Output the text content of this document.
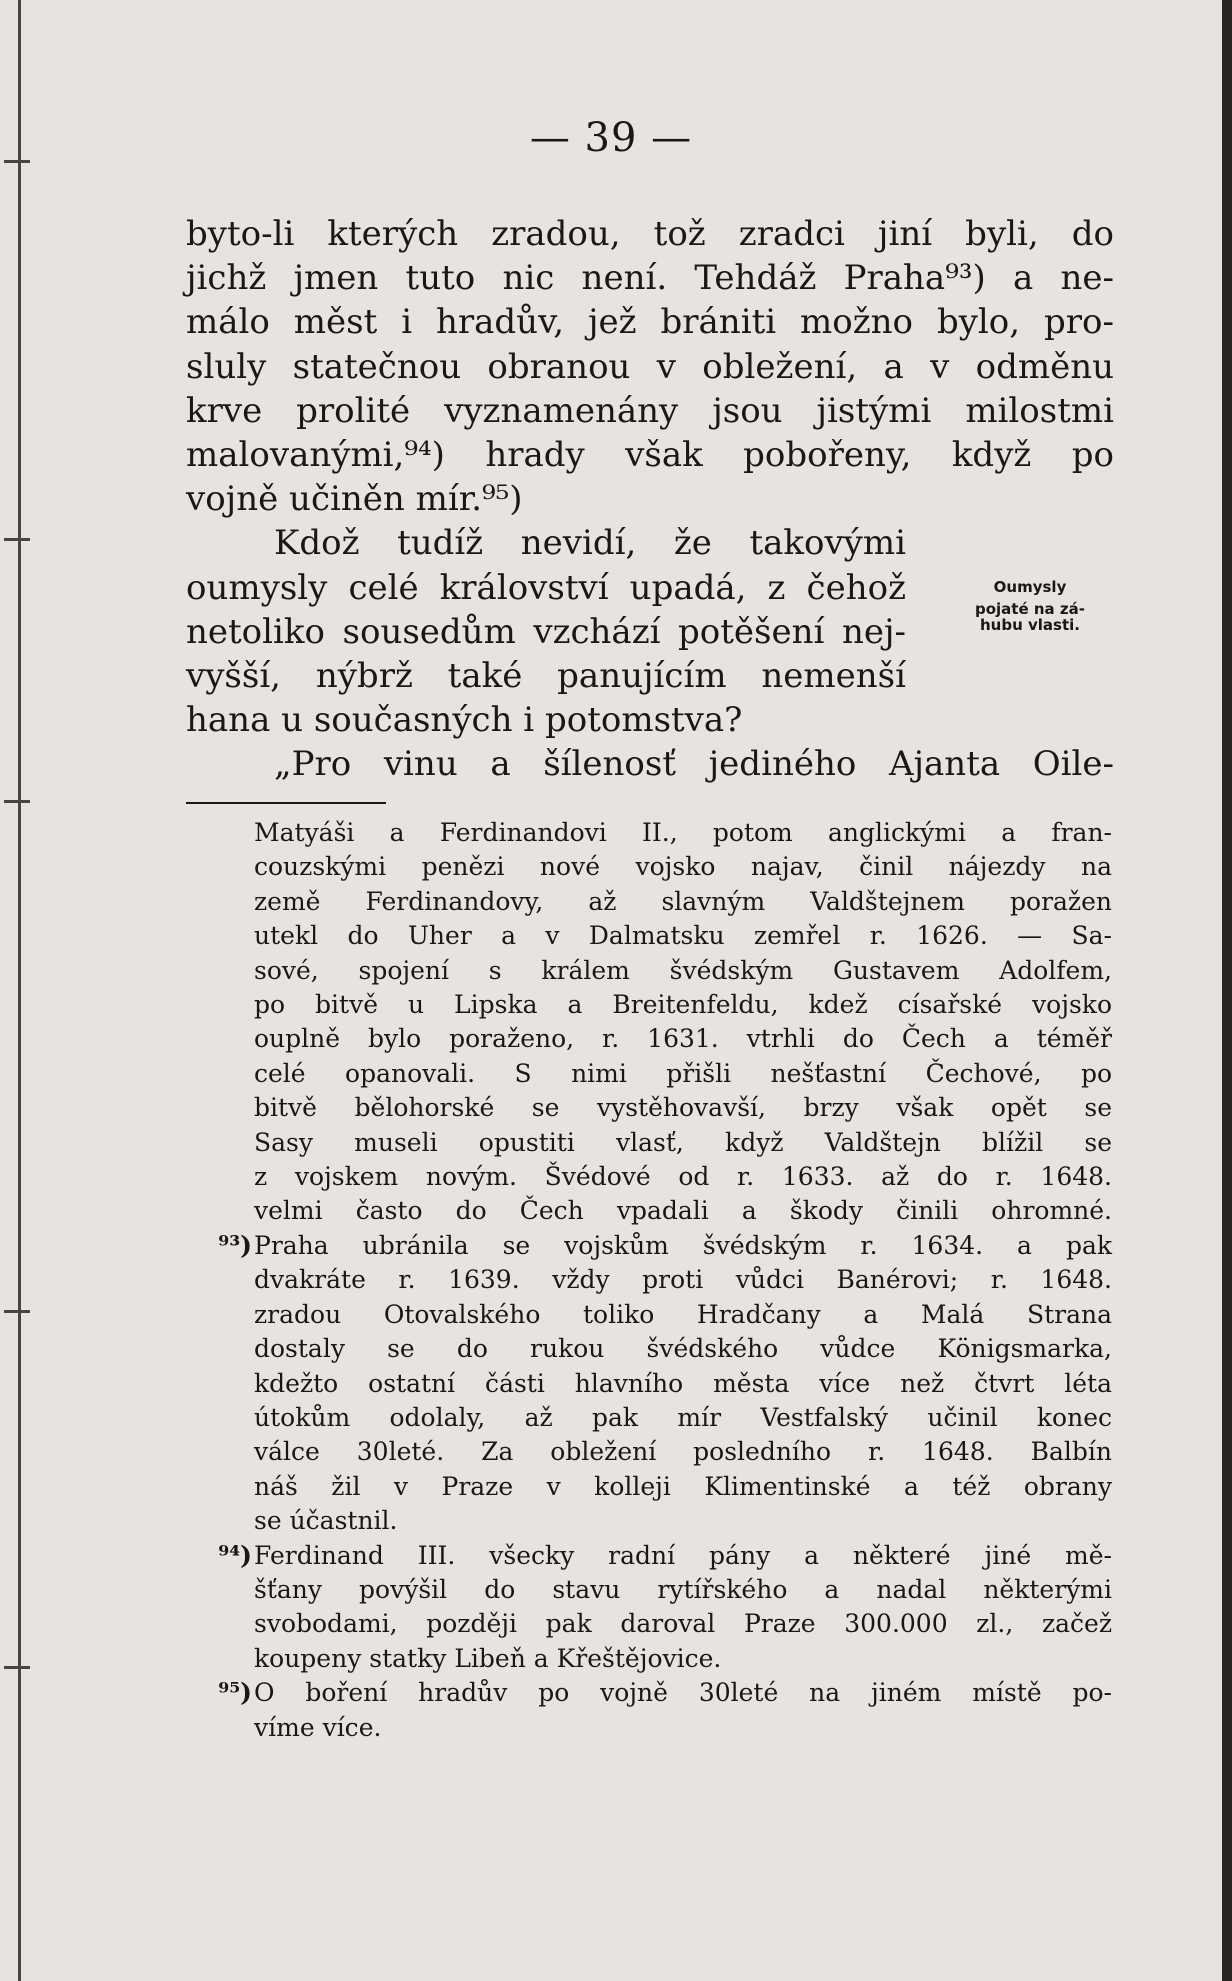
— 39 —

byto-li kterých zradou, tož zradci jiní byli, do
jichž jmen tuto nic není. Tehdáž Praha⁹³) a ne-
málo měst i hradův, jež brániti možno bylo, pro-
sluly statečnou obranou v obležení, a v odměnu
krve prolité vyznamenány jsou jistými milostmi
malovanými,⁹⁴) hrady však pobořeny, když po
vojně učiněn mír.⁹⁵)

Kdož tudíž nevidí, že takovými
oumysly celé království upadá, z čehož
netoliko sousedům vzchází potěšení nej-
vyšší, nýbrž také panujícím nemenší
hana u současných i potomstva?

„Pro vinu a šílenosť jediného Ajanta Oile-

Oumysly
pojaté na zá-
hubu vlasti.
Matyáši a Ferdinandovi II., potom anglickými a fran-
couzskými penězi nové vojsko najav, činil nájezdy na
země Ferdinandovy, až slavným Valdštejnem poražen
utekl do Uher a v Dalmatsku zemřel r. 1626. — Sa-
sové, spojení s králem švédským Gustavem Adolfem,
po bitvě u Lipska a Breitenfeldu, kdež císařské vojsko
ouplně bylo poraženo, r. 1631. vtrhli do Čech a téměř
celé opanovali. S nimi přišli nešťastní Čechové, po
bitvě bělohorské se vystěhovavší, brzy však opět se
Sasy museli opustiti vlasť, když Valdštejn blížil se
z vojskem novým. Švédové od r. 1633. až do r. 1648.
velmi často do Čech vpadali a škody činili ohromné.
⁹³) Praha ubránila se vojskům švédským r. 1634. a pak
dvakráte r. 1639. vždy proti vůdci Banérovi; r. 1648.
zradou Otovalského toliko Hradčany a Malá Strana
dostaly se do rukou švédského vůdce Königsmarka,
kdežto ostatní části hlavního města více než čtvrt léta
útokům odolaly, až pak mír Vestfalský učinil konec
válce 30leté. Za obležení posledního r. 1648. Balbín
náš žil v Praze v kolleji Klimentinské a též obrany
se účastnil.
⁹⁴) Ferdinand III. všecky radní pány a některé jiné mě-
šťany povýšil do stavu rytířského a nadal některými
svobodami, později pak daroval Praze 300.000 zl., začež
koupeny statky Libeň a Křeštějovice.
⁹⁵) O boření hradův po vojně 30leté na jiném místě po-
víme více.
